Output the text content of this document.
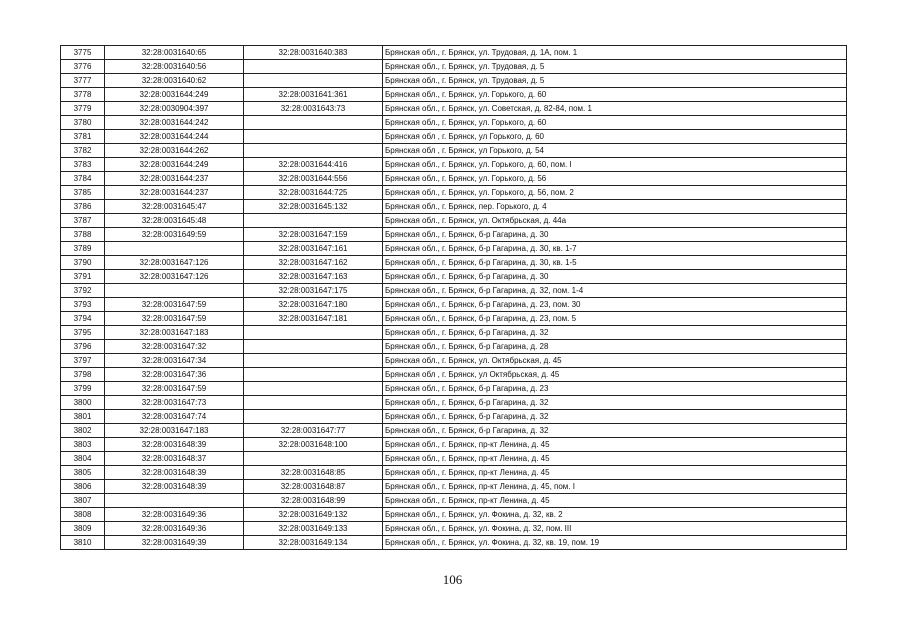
3775	32:28:0031640:65	32:28:0031640:383	Брянская обл., г. Брянск, ул. Трудовая, д. 1А, пом. 1
3776	32:28:0031640:56		Брянская обл., г. Брянск, ул. Трудовая, д. 5
3777	32:28:0031640:62		Брянская обл., г. Брянск, ул. Трудовая, д. 5
3778	32:28:0031644:249	32:28:0031641:361	Брянская обл., г. Брянск, ул. Горького, д. 60
3779	32:28:0030904:397	32:28:0031643:73	Брянская обл., г. Брянск, ул. Советская, д. 82-84, пом. 1
3780	32:28:0031644:242		Брянская обл., г. Брянск, ул. Горького, д. 60
3781	32:28:0031644:244		Брянская обл , г. Брянск, ул Горького, д. 60
3782	32:28:0031644:262		Брянская обл , г. Брянск, ул Горького, д. 54
3783	32:28:0031644:249	32:28:0031644:416	Брянская обл., г. Брянск, ул. Горького, д. 60, пом. I
3784	32:28:0031644:237	32:28:0031644:556	Брянская обл., г. Брянск, ул. Горького, д. 56
3785	32:28:0031644:237	32:28:0031644:725	Брянская обл., г. Брянск, ул. Горького, д. 56, пом. 2
3786	32:28:0031645:47	32:28:0031645:132	Брянская обл., г. Брянск, пер. Горького, д. 4
3787	32:28:0031645:48		Брянская обл., г. Брянск, ул. Октябрьская, д. 44а
3788	32:28:0031649:59	32:28:0031647:159	Брянская обл., г. Брянск, б-р Гагарина, д. 30
3789		32:28:0031647:161	Брянская обл., г. Брянск, б-р Гагарина, д. 30, кв. 1-7
3790	32:28:0031647:126	32:28:0031647:162	Брянская обл., г. Брянск, б-р Гагарина, д. 30, кв. 1-5
3791	32:28:0031647:126	32:28:0031647:163	Брянская обл., г. Брянск, б-р Гагарина, д. 30
3792		32:28:0031647:175	Брянская обл., г. Брянск, б-р Гагарина, д. 32, пом. 1-4
3793	32:28:0031647:59	32:28:0031647:180	Брянская обл., г. Брянск, б-р Гагарина, д. 23, пом. 30
3794	32:28:0031647:59	32:28:0031647:181	Брянская обл., г. Брянск, б-р Гагарина, д. 23, пом. 5
3795	32:28:0031647:183		Брянская обл., г. Брянск, б-р Гагарина, д. 32
3796	32:28:0031647:32		Брянская обл., г. Брянск, б-р Гагарина, д. 28
3797	32:28:0031647:34		Брянская обл., г. Брянск, ул. Октябрьская, д. 45
3798	32:28:0031647:36		Брянская обл , г. Брянск, ул Октябрьская, д. 45
3799	32:28:0031647:59		Брянская обл., г. Брянск, б-р Гагарина, д. 23
3800	32:28:0031647:73		Брянская обл., г. Брянск, б-р Гагарина, д. 32
3801	32:28:0031647:74		Брянская обл., г. Брянск, б-р Гагарина, д. 32
3802	32:28:0031647:183	32:28:0031647:77	Брянская обл., г. Брянск, б-р Гагарина, д. 32
3803	32:28:0031648:39	32:28:0031648:100	Брянская обл., г. Брянск, пр-кт Ленина, д. 45
3804	32:28:0031648:37		Брянская обл., г. Брянск, пр-кт Ленина, д. 45
3805	32:28:0031648:39	32:28:0031648:85	Брянская обл., г. Брянск, пр-кт Ленина, д. 45
3806	32:28:0031648:39	32:28:0031648:87	Брянская обл., г. Брянск, пр-кт Ленина, д. 45, пом. I
3807		32:28:0031648:99	Брянская обл., г. Брянск, пр-кт Ленина, д. 45
3808	32:28:0031649:36	32:28:0031649:132	Брянская обл., г. Брянск, ул. Фокина, д. 32, кв. 2
3809	32:28:0031649:36	32:28:0031649:133	Брянская обл., г. Брянск, ул. Фокина, д. 32, пом. III
3810	32:28:0031649:39	32:28:0031649:134	Брянская обл., г. Брянск, ул. Фокина, д. 32, кв. 19, пом. 19
106
